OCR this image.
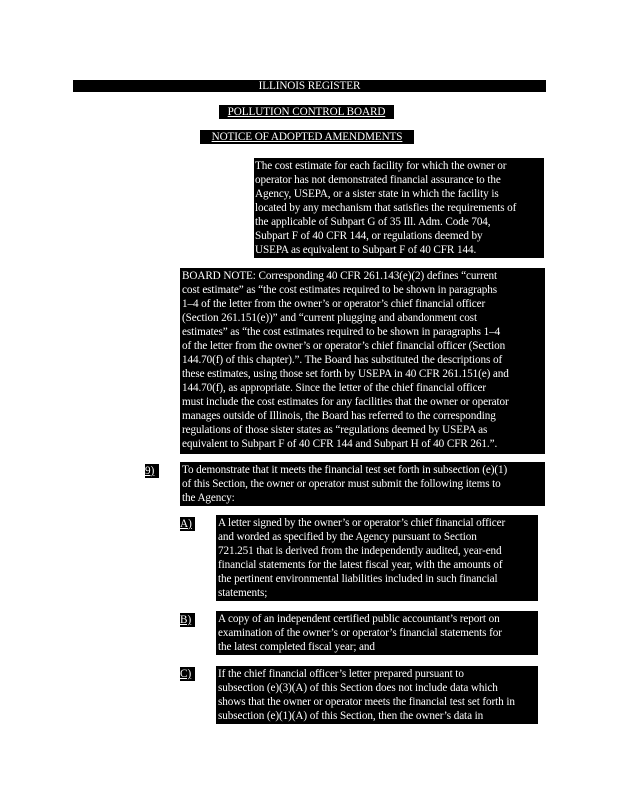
ILLINOIS REGISTER
POLLUTION CONTROL BOARD
NOTICE OF ADOPTED AMENDMENTS
The cost estimate for each facility for which the owner or
operator has not demonstrated financial assurance to the
Agency, USEPA, or a sister state in which the facility is
located by any mechanism that satisfies the requirements of
the applicable of Subpart G of 35 Ill. Adm. Code 704,
Subpart F of 40 CFR 144, or regulations deemed by
USEPA as equivalent to Subpart F of 40 CFR 144.
BOARD NOTE: Corresponding 40 CFR 261.143(e)(2) defines “current
cost estimate” as “the cost estimates required to be shown in paragraphs
1–4 of the letter from the owner’s or operator’s chief financial officer
(Section 261.151(e))” and “current plugging and abandonment cost
estimates” as “the cost estimates required to be shown in paragraphs 1–4
of the letter from the owner’s or operator’s chief financial officer (Section
144.70(f) of this chapter).”. The Board has substituted the descriptions of
these estimates, using those set forth by USEPA in 40 CFR 261.151(e) and
144.70(f), as appropriate. Since the letter of the chief financial officer
must include the cost estimates for any facilities that the owner or operator
manages outside of Illinois, the Board has referred to the corresponding
regulations of those sister states as “regulations deemed by USEPA as
equivalent to Subpart F of 40 CFR 144 and Subpart H of 40 CFR 261.”.
9)	To demonstrate that it meets the financial test set forth in subsection (e)(1)
of this Section, the owner or operator must submit the following items to
the Agency:
A) A letter signed by the owner’s or operator’s chief financial officer
and worded as specified by the Agency pursuant to Section
721.251 that is derived from the independently audited, year-end
financial statements for the latest fiscal year, with the amounts of
the pertinent environmental liabilities included in such financial
statements;
B)	A copy of an independent certified public accountant’s report on
examination of the owner’s or operator’s financial statements for
the latest completed fiscal year; and
C)	If the chief financial officer’s letter prepared pursuant to
subsection (e)(3)(A) of this Section does not include data which
shows that the owner or operator meets the financial test set forth in
subsection (e)(1)(A) of this Section, then the owner’s data in
